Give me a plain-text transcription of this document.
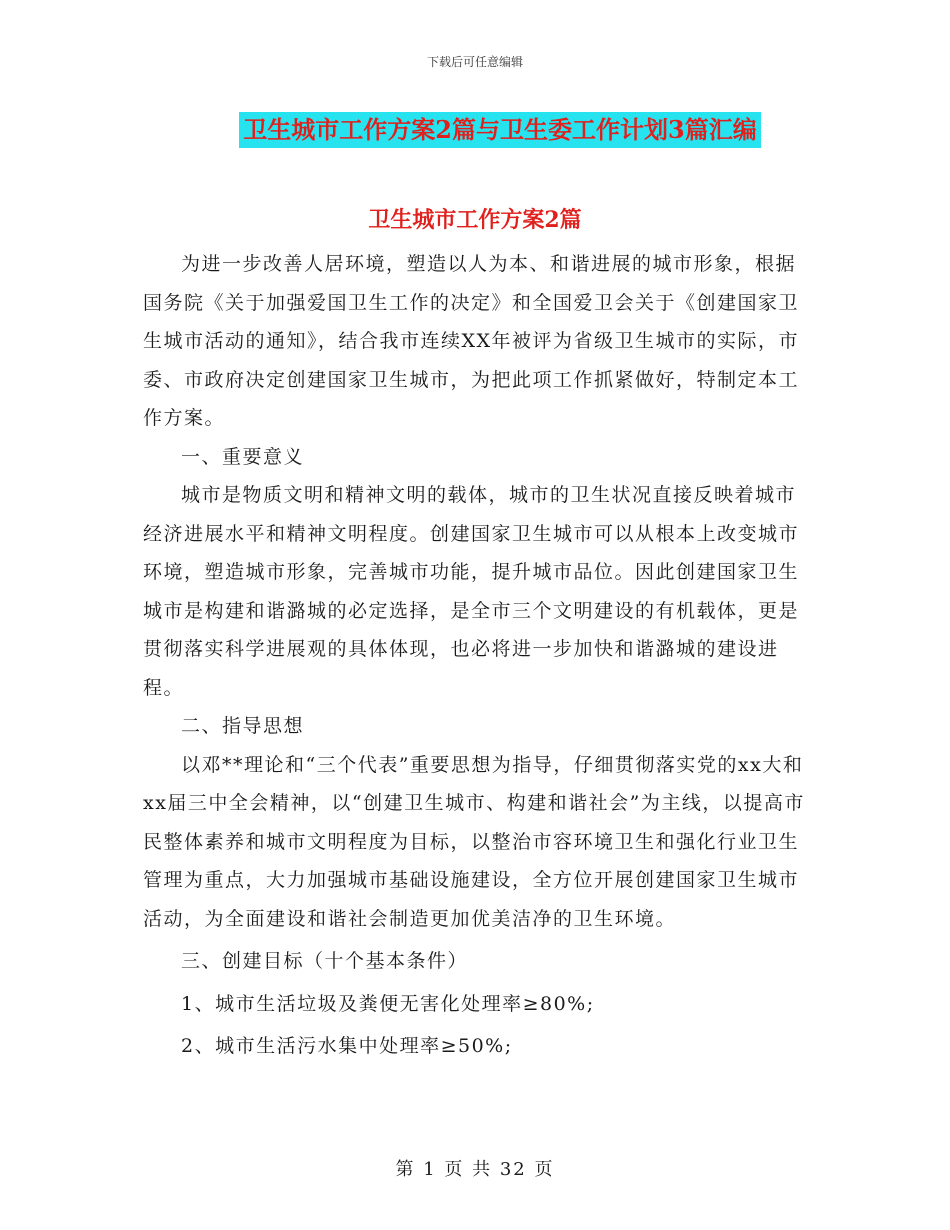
下载后可任意编辑
卫生城市工作方案2篇与卫生委工作计划3篇汇编
卫生城市工作方案2篇

为进一步改善人居环境，塑造以人为本、和谐进展的城市形象，根据国务院《关于加强爱国卫生工作的决定》和全国爱卫会关于《创建国家卫生城市活动的通知》，结合我市连续XX年被评为省级卫生城市的实际，市委、市政府决定创建国家卫生城市，为把此项工作抓紧做好，特制定本工作方案。

一、重要意义

城市是物质文明和精神文明的载体，城市的卫生状况直接反映着城市经济进展水平和精神文明程度。创建国家卫生城市可以从根本上改变城市环境，塑造城市形象，完善城市功能，提升城市品位。因此创建国家卫生城市是构建和谐潞城的必定选择，是全市三个文明建设的有机载体，更是贯彻落实科学进展观的具体体现，也必将进一步加快和谐潞城的建设进程。

二、指导思想

以邓**理论和“三个代表”重要思想为指导，仔细贯彻落实党的xx大和xx届三中全会精神，以“创建卫生城市、构建和谐社会”为主线，以提高市民整体素养和城市文明程度为目标，以整治市容环境卫生和强化行业卫生管理为重点，大力加强城市基础设施建设，全方位开展创建国家卫生城市活动，为全面建设和谐社会制造更加优美洁净的卫生环境。

三、创建目标（十个基本条件）

1、城市生活垃圾及粪便无害化处理率≥80%;

2、城市生活污水集中处理率≥50%;

第 1 页 共 32 页
